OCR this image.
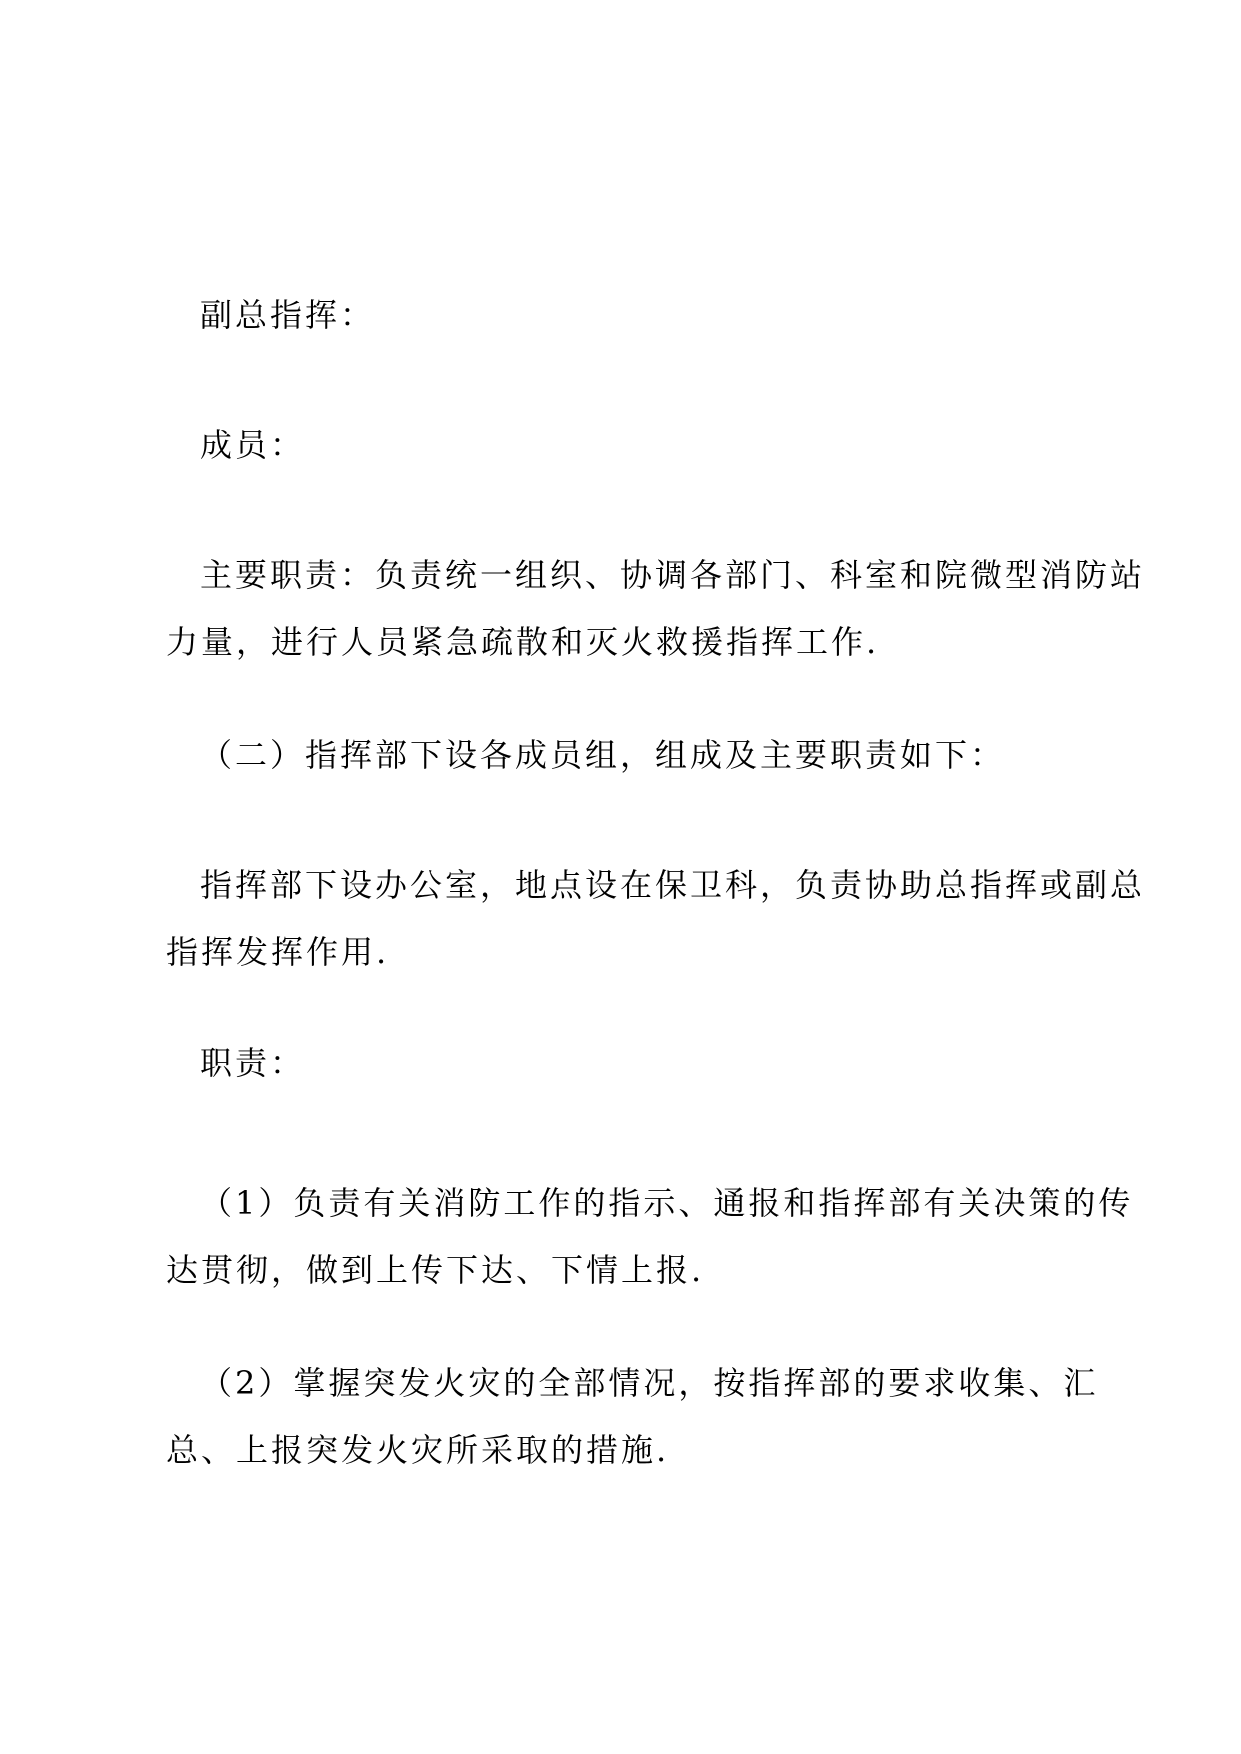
副总指挥：

成员：

主要职责：负责统一组织、协调各部门、科室和院微型消防站
力量，进行人员紧急疏散和灭火救援指挥工作.

（二）指挥部下设各成员组，组成及主要职责如下：

指挥部下设办公室，地点设在保卫科，负责协助总指挥或副总
指挥发挥作用.

职责：

（1）负责有关消防工作的指示、通报和指挥部有关决策的传
达贯彻，做到上传下达、下情上报.

（2）掌握突发火灾的全部情况，按指挥部的要求收集、汇
总、上报突发火灾所采取的措施.
